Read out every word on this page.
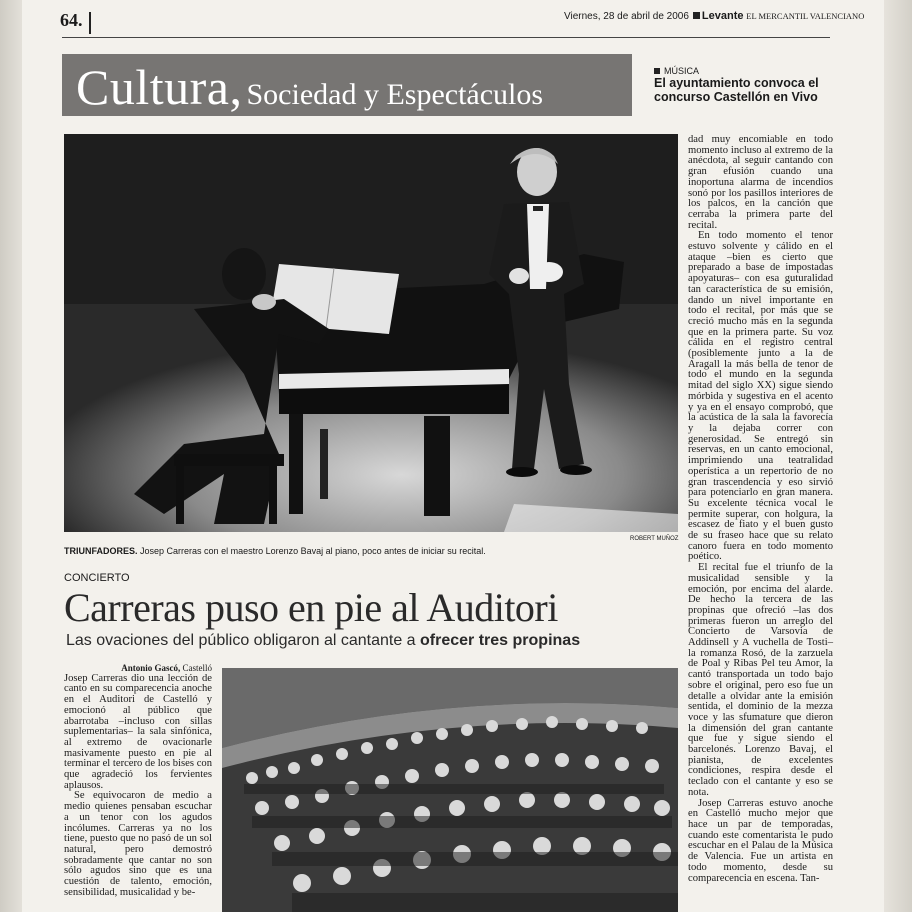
64.	Viernes, 28 de abril de 2006 Levante EL MERCANTIL VALENCIANO
Cultura, Sociedad y Espectáculos
MÚSICA
El ayuntamiento convoca el concurso Castellón en Vivo
ROBERT MUÑOZ
TRIUNFADORES. Josep Carreras con el maestro Lorenzo Bavaj al piano, poco antes de iniciar su recital.
CONCIERTO
Carreras puso en pie al Auditori
Las ovaciones del público obligaron al cantante a ofrecer tres propinas

Antonio Gascó, Castelló

Josep Carreras dio una lección de canto en su comparecencia anoche en el Auditori de Castelló y emocionó al público que abarrotaba –incluso con sillas suplementarias– la sala sinfónica, al extremo de ovacionarle masivamente puesto en pie al terminar el tercero de los bises con que agradeció los fervientes aplausos.

Se equivocaron de medio a medio quienes pensaban escuchar a un tenor con los agudos incólumes. Carreras ya no los tiene, puesto que no pasó de un sol natural, pero demostró sobradamente que cantar no son sólo agudos sino que es una cuestión de talento, emoción, sensibilidad, musicalidad y be-

dad muy encomiable en todo momento incluso al extremo de la anécdota, al seguir cantando con gran efusión cuando una inoportuna alarma de incendios sonó por los pasillos interiores de los palcos, en la canción que cerraba la primera parte del recital.

En todo momento el tenor estuvo solvente y cálido en el ataque –bien es cierto que preparado a base de impostadas apoyaturas– con esa guturalidad tan característica de su emisión, dando un nivel importante en todo el recital, por más que se creció mucho más en la segunda que en la primera parte. Su voz cálida en el registro central (posiblemente junto a la de Aragall la más bella de tenor de todo el mundo en la segunda mitad del siglo XX) sigue siendo mórbida y sugestiva en el acento y ya en el ensayo comprobó, que la acústica de la sala la favorecía y la dejaba correr con generosidad. Se entregó sin reservas, en un canto emocional, imprimiendo una teatralidad operística a un repertorio de no gran trascendencia y eso sirvió para potenciarlo en gran manera. Su excelente técnica vocal le permite superar, con holgura, la escasez de fiato y el buen gusto de su fraseo hace que su relato canoro fuera en todo momento poético.

El recital fue el triunfo de la musicalidad sensible y la emoción, por encima del alarde. De hecho la tercera de las propinas que ofreció –las dos primeras fueron un arreglo del Concierto de Varsovia de Addinsell y A vuchella de Tosti– la romanza Rosó, de la zarzuela de Poal y Ribas Pel teu Amor, la cantó transportada un todo bajo sobre el original, pero eso fue un detalle a olvidar ante la emisión sentida, el dominio de la mezza voce y las sfumature que dieron la dimensión del gran cantante que fue y sigue siendo el barcelonés. Lorenzo Bavaj, el pianista, de excelentes condiciones, respira desde el teclado con el cantante y eso se nota.

Josep Carreras estuvo anoche en Castelló mucho mejor que hace un par de temporadas, cuando este comentarista le pudo escuchar en el Palau de la Música de Valencia. Fue un artista en todo momento, desde su comparecencia en escena. Tan-
